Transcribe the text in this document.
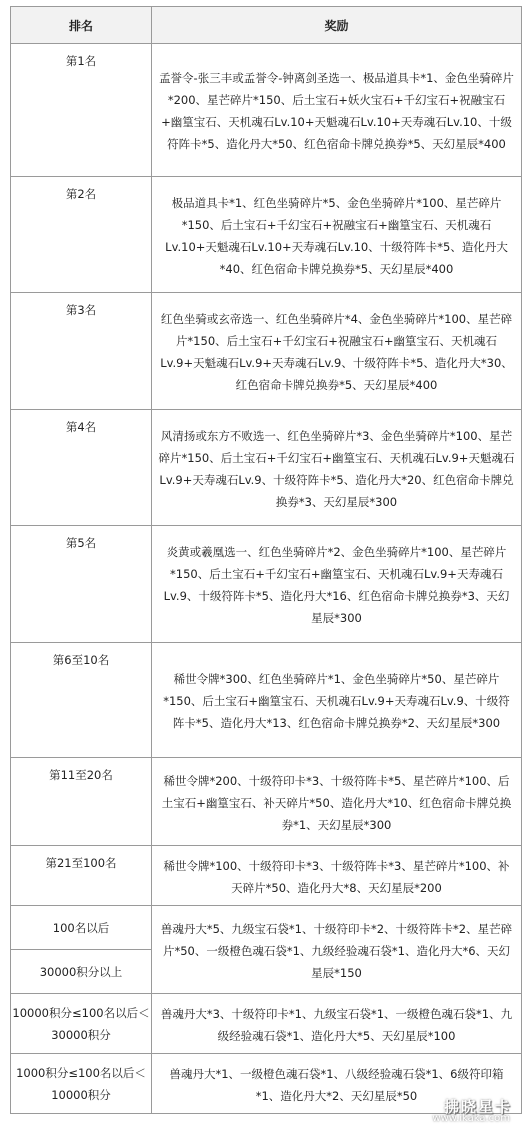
排名	奖励
第1名	孟誉令-张三丰或孟誉令-钟离剑圣选一、极品道具卡*1、金色坐骑碎片*200、星芒碎片*150、后土宝石+妖火宝石+千幻宝石+祝融宝石+幽篁宝石、天机魂石Lv.10+天魁魂石Lv.10+天寿魂石Lv.10、十级符阵卡*5、造化丹大*50、红色宿命卡牌兑换券*5、天幻星辰*400
第2名	极品道具卡*1、红色坐骑碎片*5、金色坐骑碎片*100、星芒碎片*150、后土宝石+千幻宝石+祝融宝石+幽篁宝石、天机魂石Lv.10+天魁魂石Lv.10+天寿魂石Lv.10、十级符阵卡*5、造化丹大*40、红色宿命卡牌兑换券*5、天幻星辰*400
第3名	红色坐骑或玄帝选一、红色坐骑碎片*4、金色坐骑碎片*100、星芒碎片*150、后土宝石+千幻宝石+祝融宝石+幽篁宝石、天机魂石Lv.9+天魁魂石Lv.9+天寿魂石Lv.9、十级符阵卡*5、造化丹大*30、红色宿命卡牌兑换券*5、天幻星辰*400
第4名	风清扬或东方不败选一、红色坐骑碎片*3、金色坐骑碎片*100、星芒碎片*150、后土宝石+千幻宝石+幽篁宝石、天机魂石Lv.9+天魁魂石Lv.9+天寿魂石Lv.9、十级符阵卡*5、造化丹大*20、红色宿命卡牌兑换券*3、天幻星辰*300
第5名	炎黄或羲凰选一、红色坐骑碎片*2、金色坐骑碎片*100、星芒碎片*150、后土宝石+千幻宝石+幽篁宝石、天机魂石Lv.9+天寿魂石Lv.9、十级符阵卡*5、造化丹大*16、红色宿命卡牌兑换券*3、天幻星辰*300
第6至10名	稀世令牌*300、红色坐骑碎片*1、金色坐骑碎片*50、星芒碎片*150、后土宝石+幽篁宝石、天机魂石Lv.9+天寿魂石Lv.9、十级符阵卡*5、造化丹大*13、红色宿命卡牌兑换券*2、天幻星辰*300
第11至20名	稀世令牌*200、十级符印卡*3、十级符阵卡*5、星芒碎片*100、后土宝石+幽篁宝石、补天碎片*50、造化丹大*10、红色宿命卡牌兑换券*1、天幻星辰*300
第21至100名	稀世令牌*100、十级符印卡*3、十级符阵卡*3、星芒碎片*100、补天碎片*50、造化丹大*8、天幻星辰*200
100名以后	兽魂丹大*5、九级宝石袋*1、十级符印卡*2、十级符阵卡*2、星芒碎片*50、一级橙色魂石袋*1、九级经验魂石袋*1、造化丹大*6、天幻星辰*150
30000积分以上	
10000积分≤100名以后＜30000积分	兽魂丹大*3、十级符印卡*1、九级宝石袋*1、一级橙色魂石袋*1、九级经验魂石袋*1、造化丹大*5、天幻星辰*100
1000积分≤100名以后＜10000积分	兽魂丹大*1、一级橙色魂石袋*1、八级经验魂石袋*1、6级符印箱*1、造化丹大*2、天幻星辰*50
拂晓星卡
www.ikaka.com
